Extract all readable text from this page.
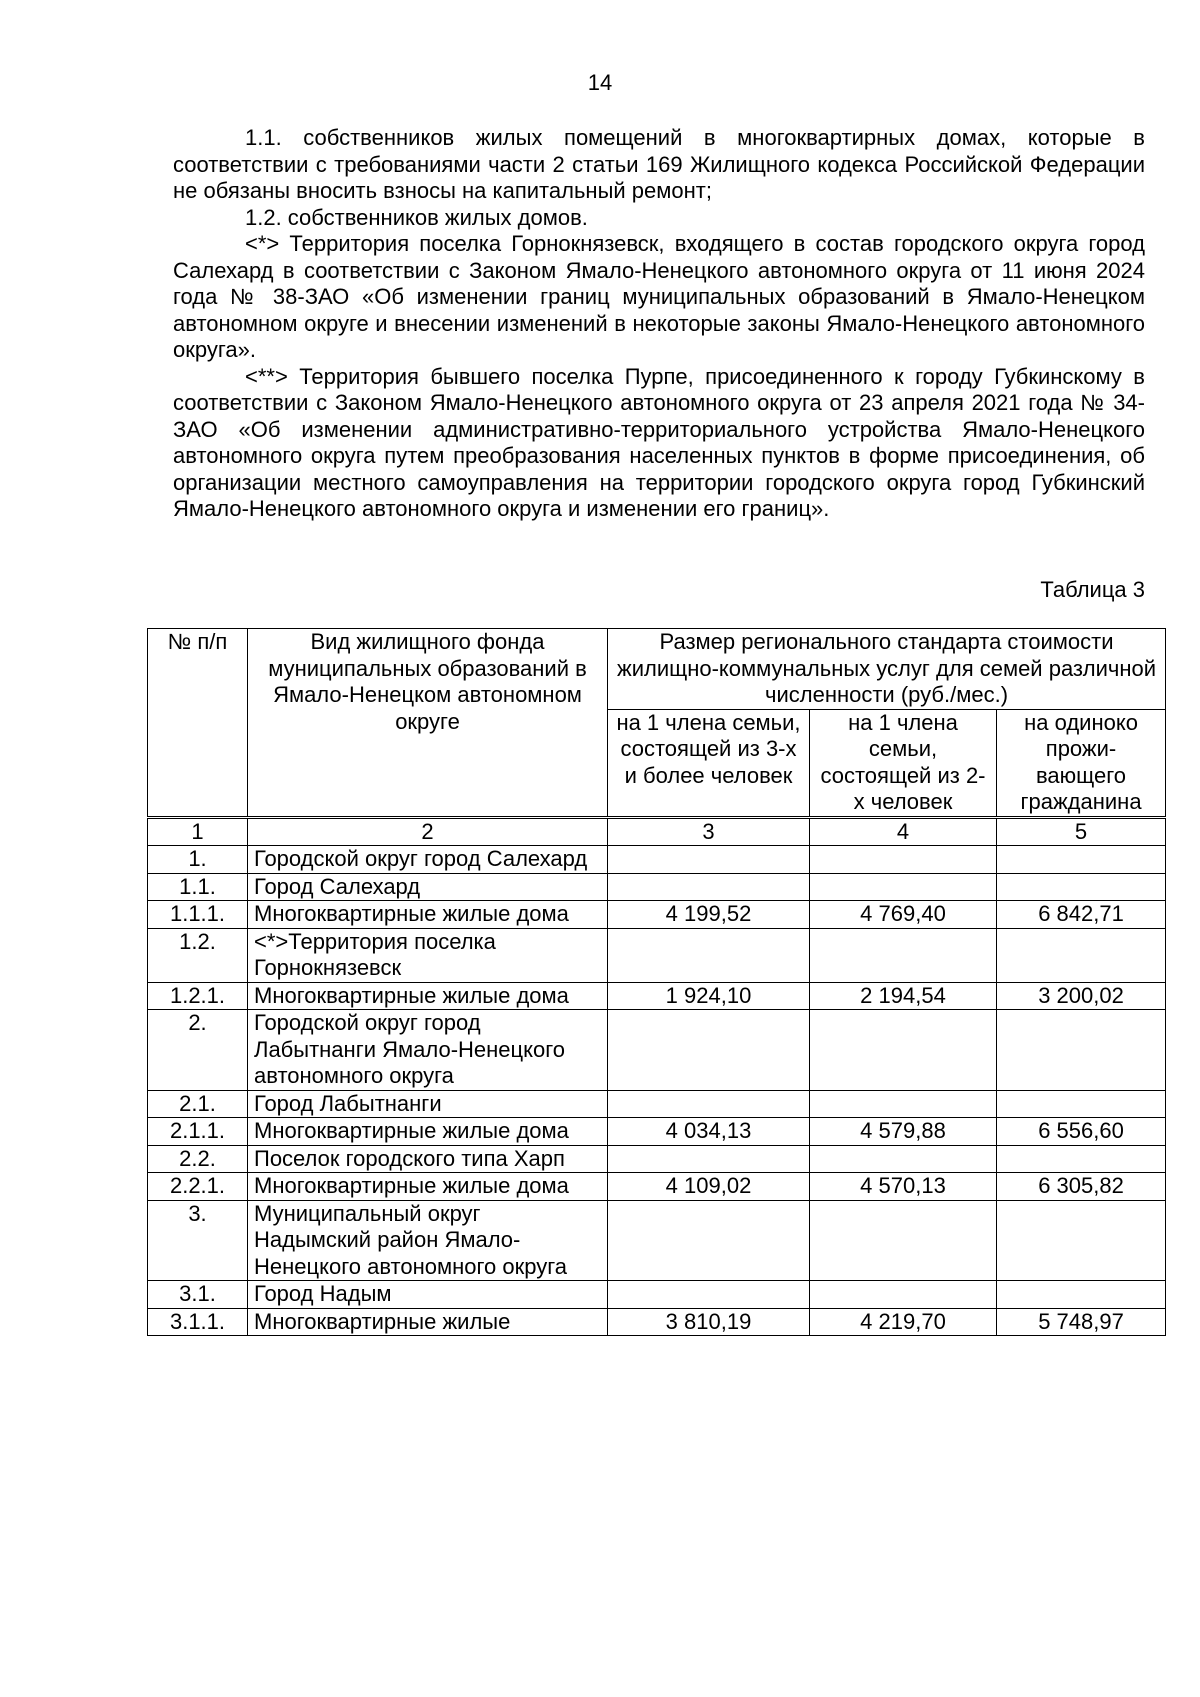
14

1.1. собственников жилых помещений в многоквартирных домах, которые в соответствии с требованиями части 2 статьи 169 Жилищного кодекса Российской Федерации не обязаны вносить взносы на капитальный ремонт;

1.2. собственников жилых домов.

<*> Территория поселка Горнокнязевск, входящего в состав городского округа город Салехард в соответствии с Законом Ямало-Ненецкого автономного округа от 11 июня 2024 года № 38-ЗАО «Об изменении границ муниципальных образований в Ямало-Ненецком автономном округе и внесении изменений в некоторые законы Ямало-Ненецкого автономного округа».

<**> Территория бывшего поселка Пурпе, присоединенного к городу Губкинскому в соответствии с Законом Ямало-Ненецкого автономного округа от 23 апреля 2021 года № 34-ЗАО «Об изменении административно-территориального устройства Ямало-Ненецкого автономного округа путем преобразования населенных пунктов в форме присоединения, об организации местного самоуправления на территории городского округа город Губкинский Ямало-Ненецкого автономного округа и изменении его границ».

Таблица 3
№ п/п	Вид жилищного фонда муниципальных образований в Ямало-Ненецком автономном округе	Размер регионального стандарта стоимости жилищно-коммунальных услуг для семей различной численности (руб./мес.)		
		на 1 члена семьи, состоящей из 3-х и более человек	на 1 члена семьи, состоящей из 2-х человек	на одиноко прожи-вающего гражданина
1	2	3	4	5
1.	Городской округ город Салехард			
1.1.	Город Салехард			
1.1.1.	Многоквартирные жилые дома	4 199,52	4 769,40	6 842,71
1.2.	<*>Территория поселка Горнокнязевск			
1.2.1.	Многоквартирные жилые дома	1 924,10	2 194,54	3 200,02
2.	Городской округ город Лабытнанги Ямало-Ненецкого автономного округа			
2.1.	Город Лабытнанги			
2.1.1.	Многоквартирные жилые дома	4 034,13	4 579,88	6 556,60
2.2.	Поселок городского типа Харп			
2.2.1.	Многоквартирные жилые дома	4 109,02	4 570,13	6 305,82
3.	Муниципальный округ Надымский район Ямало-Ненецкого автономного округа			
3.1.	Город Надым			
3.1.1.	Многоквартирные жилые	3 810,19	4 219,70	5 748,97
